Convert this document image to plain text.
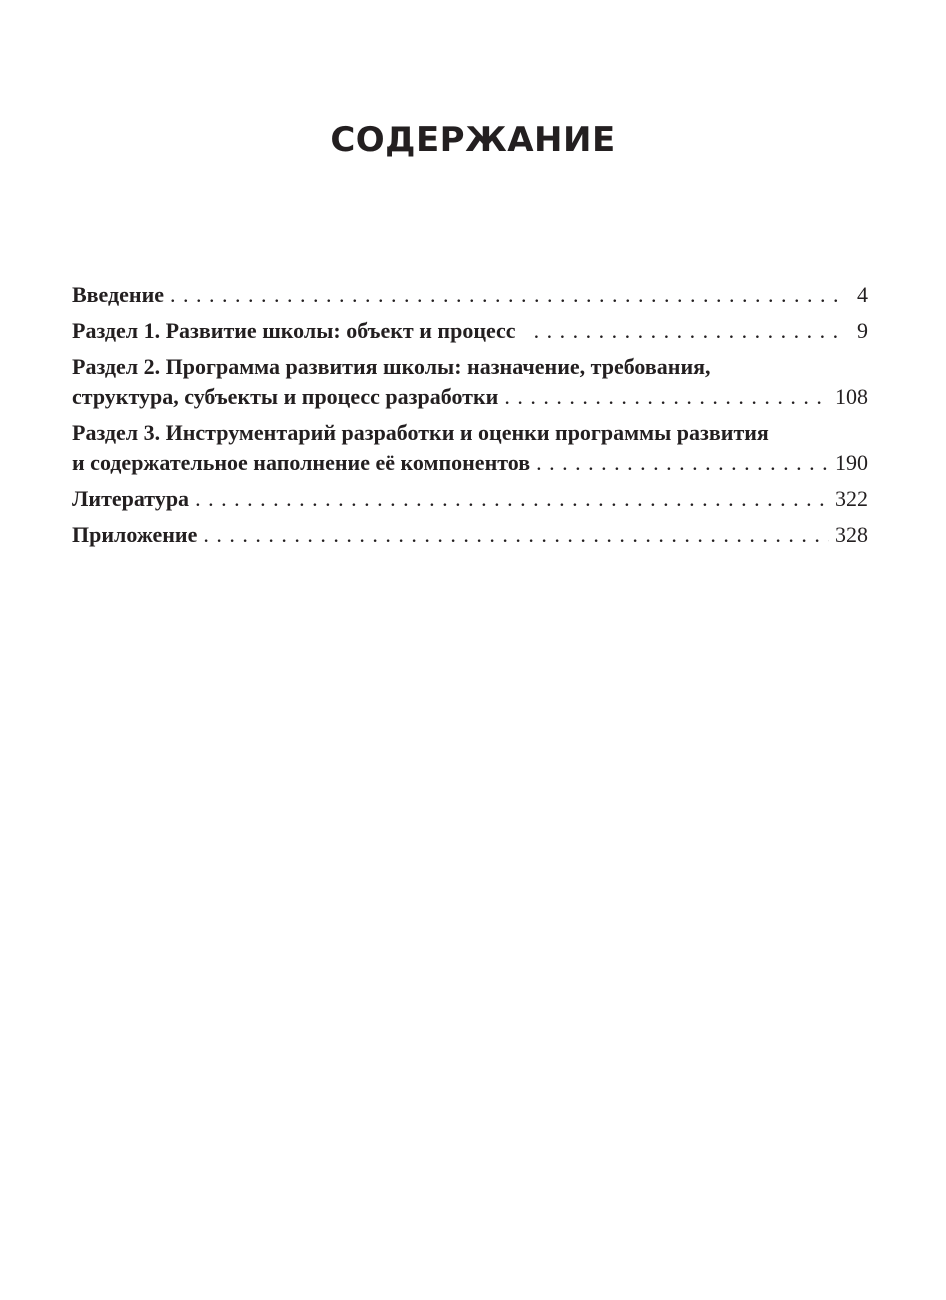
СОДЕРЖАНИЕ
Введение . . .	4
Раздел 1. Развитие школы: объект и процесс . . .	9
Раздел 2. Программа развития школы: назначение, требования,
структура, субъекты и процесс разработки . . .	108
Раздел 3. Инструментарий разработки и оценки программы развития
и содержательное наполнение её компонентов . . .	190
Литература . . .	322
Приложение . . .	328
